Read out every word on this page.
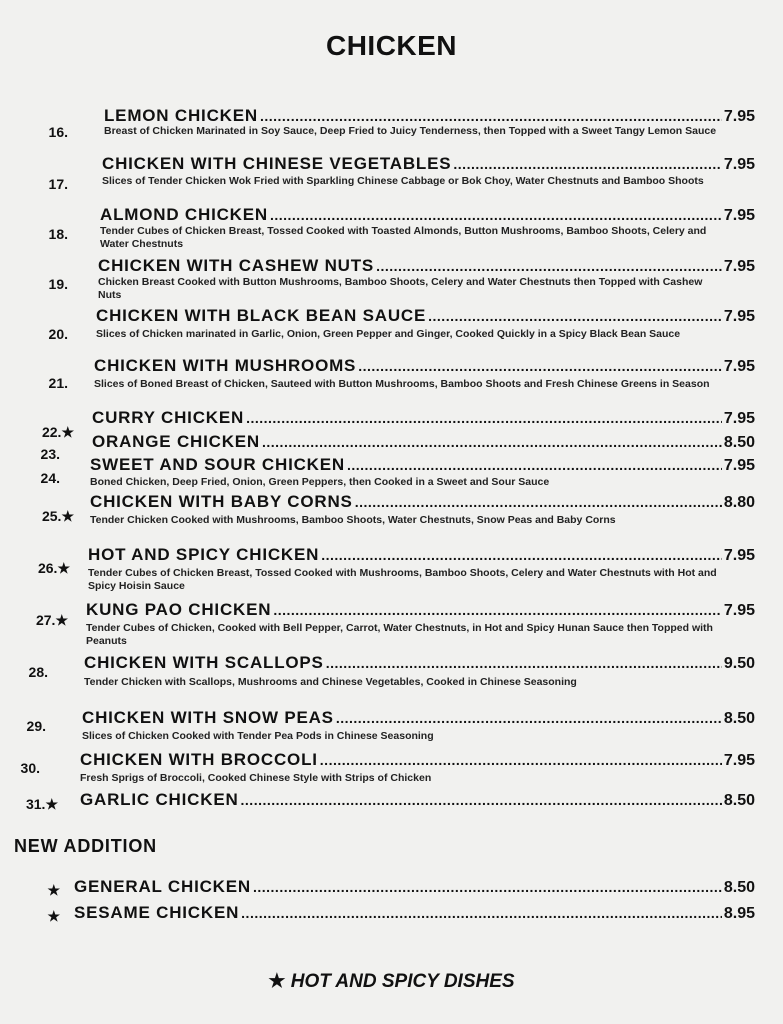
CHICKEN
16.
LEMON CHICKEN .....	7.95
Breast of Chicken Marinated in Soy Sauce, Deep Fried to Juicy Tenderness, then Topped with a Sweet Tangy Lemon Sauce
17.
CHICKEN WITH CHINESE VEGETABLES .....	7.95
Slices of Tender Chicken Wok Fried with Sparkling Chinese Cabbage or Bok Choy, Water Chestnuts and Bamboo Shoots
18.
ALMOND CHICKEN .....	7.95
Tender Cubes of Chicken Breast, Tossed Cooked with Toasted Almonds, Button Mushrooms, Bamboo Shoots, Celery and Water Chestnuts
19.
CHICKEN WITH CASHEW NUTS .....	7.95
Chicken Breast Cooked with Button Mushrooms, Bamboo Shoots, Celery and Water Chestnuts then Topped with Cashew Nuts
20.
CHICKEN WITH BLACK BEAN SAUCE .....	7.95
Slices of Chicken marinated in Garlic, Onion, Green Pepper and Ginger, Cooked Quickly in a Spicy Black Bean Sauce
21.
CHICKEN WITH MUSHROOMS .....	7.95
Slices of Boned Breast of Chicken, Sauteed with Button Mushrooms, Bamboo Shoots and Fresh Chinese Greens in Season
22.★
CURRY CHICKEN .....	7.95
23.
ORANGE CHICKEN .....	8.50
24.
SWEET AND SOUR CHICKEN .....	7.95
Boned Chicken, Deep Fried, Onion, Green Peppers, then Cooked in a Sweet and Sour Sauce
25.★
CHICKEN WITH BABY CORNS .....	8.80
Tender Chicken Cooked with Mushrooms, Bamboo Shoots, Water Chestnuts, Snow Peas and Baby Corns
26.★
HOT AND SPICY CHICKEN .....	7.95
Tender Cubes of Chicken Breast, Tossed Cooked with Mushrooms, Bamboo Shoots, Celery and Water Chestnuts with Hot and Spicy Hoisin Sauce
27.★
KUNG PAO CHICKEN .....	7.95
Tender Cubes of Chicken, Cooked with Bell Pepper, Carrot, Water Chestnuts, in Hot and Spicy Hunan Sauce then Topped with Peanuts
28. CHICKEN WITH SCALLOPS .....	9.50
Tender Chicken with Scallops, Mushrooms and Chinese Vegetables, Cooked in Chinese Seasoning
29. CHICKEN WITH SNOW PEAS .....	8.50
Slices of Chicken Cooked with Tender Pea Pods in Chinese Seasoning
30. CHICKEN WITH BROCCOLI .....	7.95
Fresh Sprigs of Broccoli, Cooked Chinese Style with Strips of Chicken
31.★ GARLIC CHICKEN .....	8.50
NEW ADDITION
★ GENERAL CHICKEN .....	8.50
★ SESAME CHICKEN .....	8.95
★ HOT AND SPICY DISHES
